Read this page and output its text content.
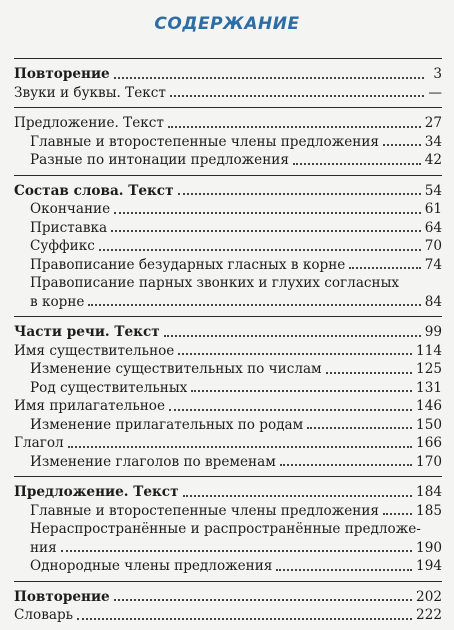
СОДЕРЖАНИЕ
Повторение	3
Звуки и буквы. Текст	—
Предложение. Текст	27
Главные и второстепенные члены предложения	34
Разные по интонации предложения	42
Состав слова. Текст	54
Окончание	61
Приставка	64
Суффикс	70
Правописание безударных гласных в корне	74
Правописание парных звонких и глухих согласных
в корне	84
Части речи. Текст	99
Имя существительное	114
Изменение существительных по числам	125
Род существительных	131
Имя прилагательное	146
Изменение прилагательных по родам	150
Глагол	166
Изменение глаголов по временам	170
Предложение. Текст	184
Главные и второстепенные члены предложения	185
Нераспространённые и распространённые предложе-
ния	190
Однородные члены предложения	194
Повторение	202
Словарь	222
